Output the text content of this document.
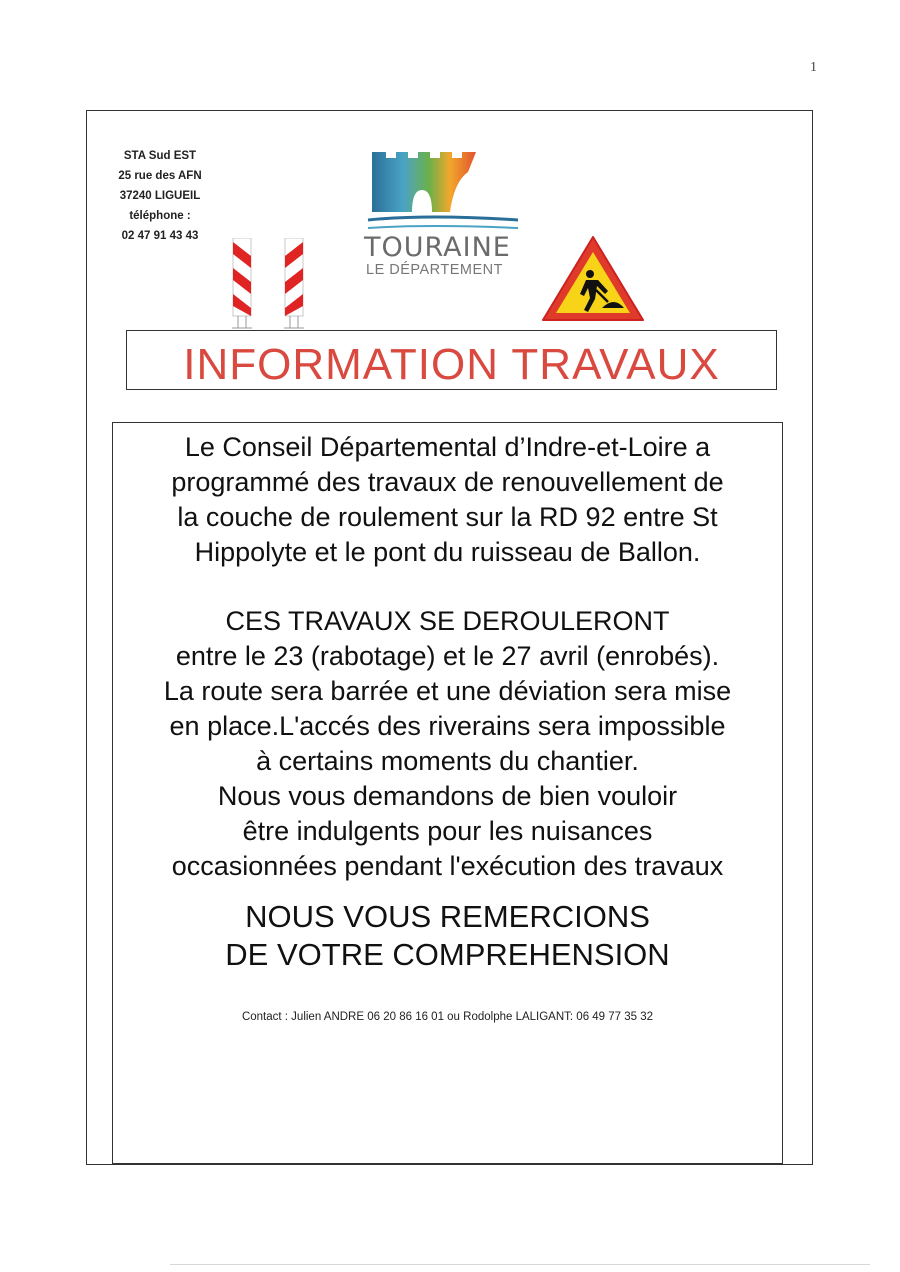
1
STA Sud EST
25 rue des AFN
37240 LIGUEIL
téléphone :
02 47 91 43 43	TOURAINE
LE DÉPARTEMENT
INFORMATION TRAVAUX
Le Conseil Départemental d’Indre-et-Loire a
programmé des travaux de renouvellement de
la couche de roulement sur la RD 92 entre St
Hippolyte et le pont du ruisseau de Ballon.
CES TRAVAUX SE DEROULERONT
entre le 23 (rabotage) et le 27 avril (enrobés).
La route sera barrée et une déviation sera mise
en place.L'accés des riverains sera impossible
à certains moments du chantier.
Nous vous demandons de bien vouloir
être indulgents pour les nuisances
occasionnées pendant l'exécution des travaux
NOUS VOUS REMERCIONS
DE VOTRE COMPREHENSION
Contact : Julien ANDRE 06 20 86 16 01 ou Rodolphe LALIGANT: 06 49 77 35 32
